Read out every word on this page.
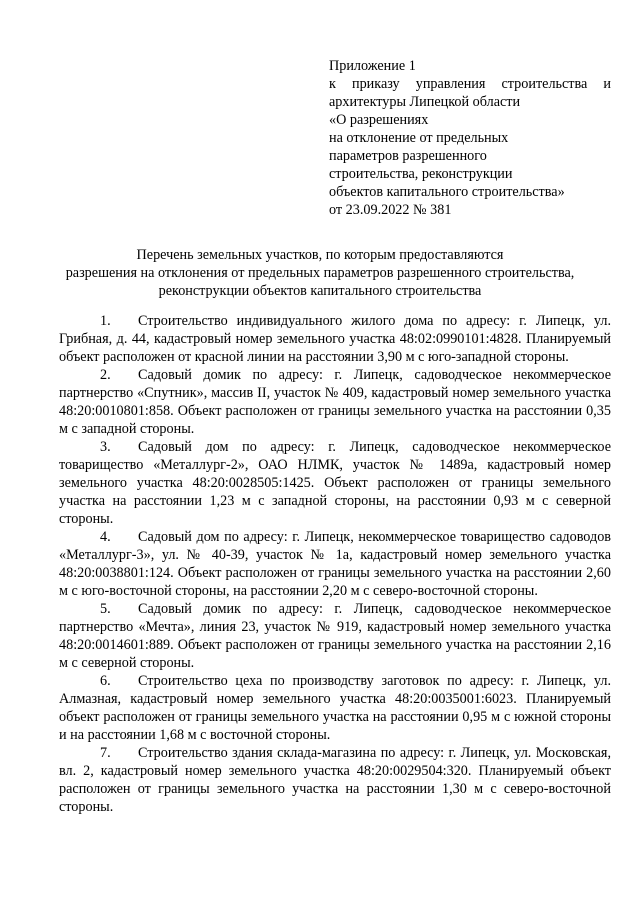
Приложение 1
к приказу управления строительства и
архитектуры Липецкой области
«О разрешениях
на отклонение от предельных
параметров разрешенного
строительства, реконструкции
объектов капитального строительства»
от 23.09.2022 № 381
Перечень земельных участков, по которым предоставляются
разрешения на отклонения от предельных параметров разрешенного строительства,
реконструкции объектов капитального строительства

1. Строительство индивидуального жилого дома по адресу: г. Липецк, ул. Грибная, д. 44, кадастровый номер земельного участка 48:02:0990101:4828. Планируемый объект расположен от красной линии на расстоянии 3,90 м с юго-западной стороны.

2. Садовый домик по адресу: г. Липецк, садоводческое некоммерческое партнерство «Спутник», массив II, участок № 409, кадастровый номер земельного участка 48:20:0010801:858. Объект расположен от границы земельного участка на расстоянии 0,35 м с западной стороны.

3. Садовый дом по адресу: г. Липецк, садоводческое некоммерческое товарищество «Металлург-2», ОАО НЛМК, участок № 1489а, кадастровый номер земельного участка 48:20:0028505:1425. Объект расположен от границы земельного участка на расстоянии 1,23 м с западной стороны, на расстоянии 0,93 м с северной стороны.

4. Садовый дом по адресу: г. Липецк, некоммерческое товарищество садоводов «Металлург-3», ул. № 40-39, участок № 1а, кадастровый номер земельного участка 48:20:0038801:124. Объект расположен от границы земельного участка на расстоянии 2,60 м с юго-восточной стороны, на расстоянии 2,20 м с северо-восточной стороны.

5. Садовый домик по адресу: г. Липецк, садоводческое некоммерческое партнерство «Мечта», линия 23, участок № 919, кадастровый номер земельного участка 48:20:0014601:889. Объект расположен от границы земельного участка на расстоянии 2,16 м с северной стороны.

6. Строительство цеха по производству заготовок по адресу: г. Липецк, ул. Алмазная, кадастровый номер земельного участка 48:20:0035001:6023. Планируемый объект расположен от границы земельного участка на расстоянии 0,95 м с южной стороны и на расстоянии 1,68 м с восточной стороны.

7. Строительство здания склада-магазина по адресу: г. Липецк, ул. Московская, вл. 2, кадастровый номер земельного участка 48:20:0029504:320. Планируемый объект расположен от границы земельного участка на расстоянии 1,30 м с северо-восточной стороны.
